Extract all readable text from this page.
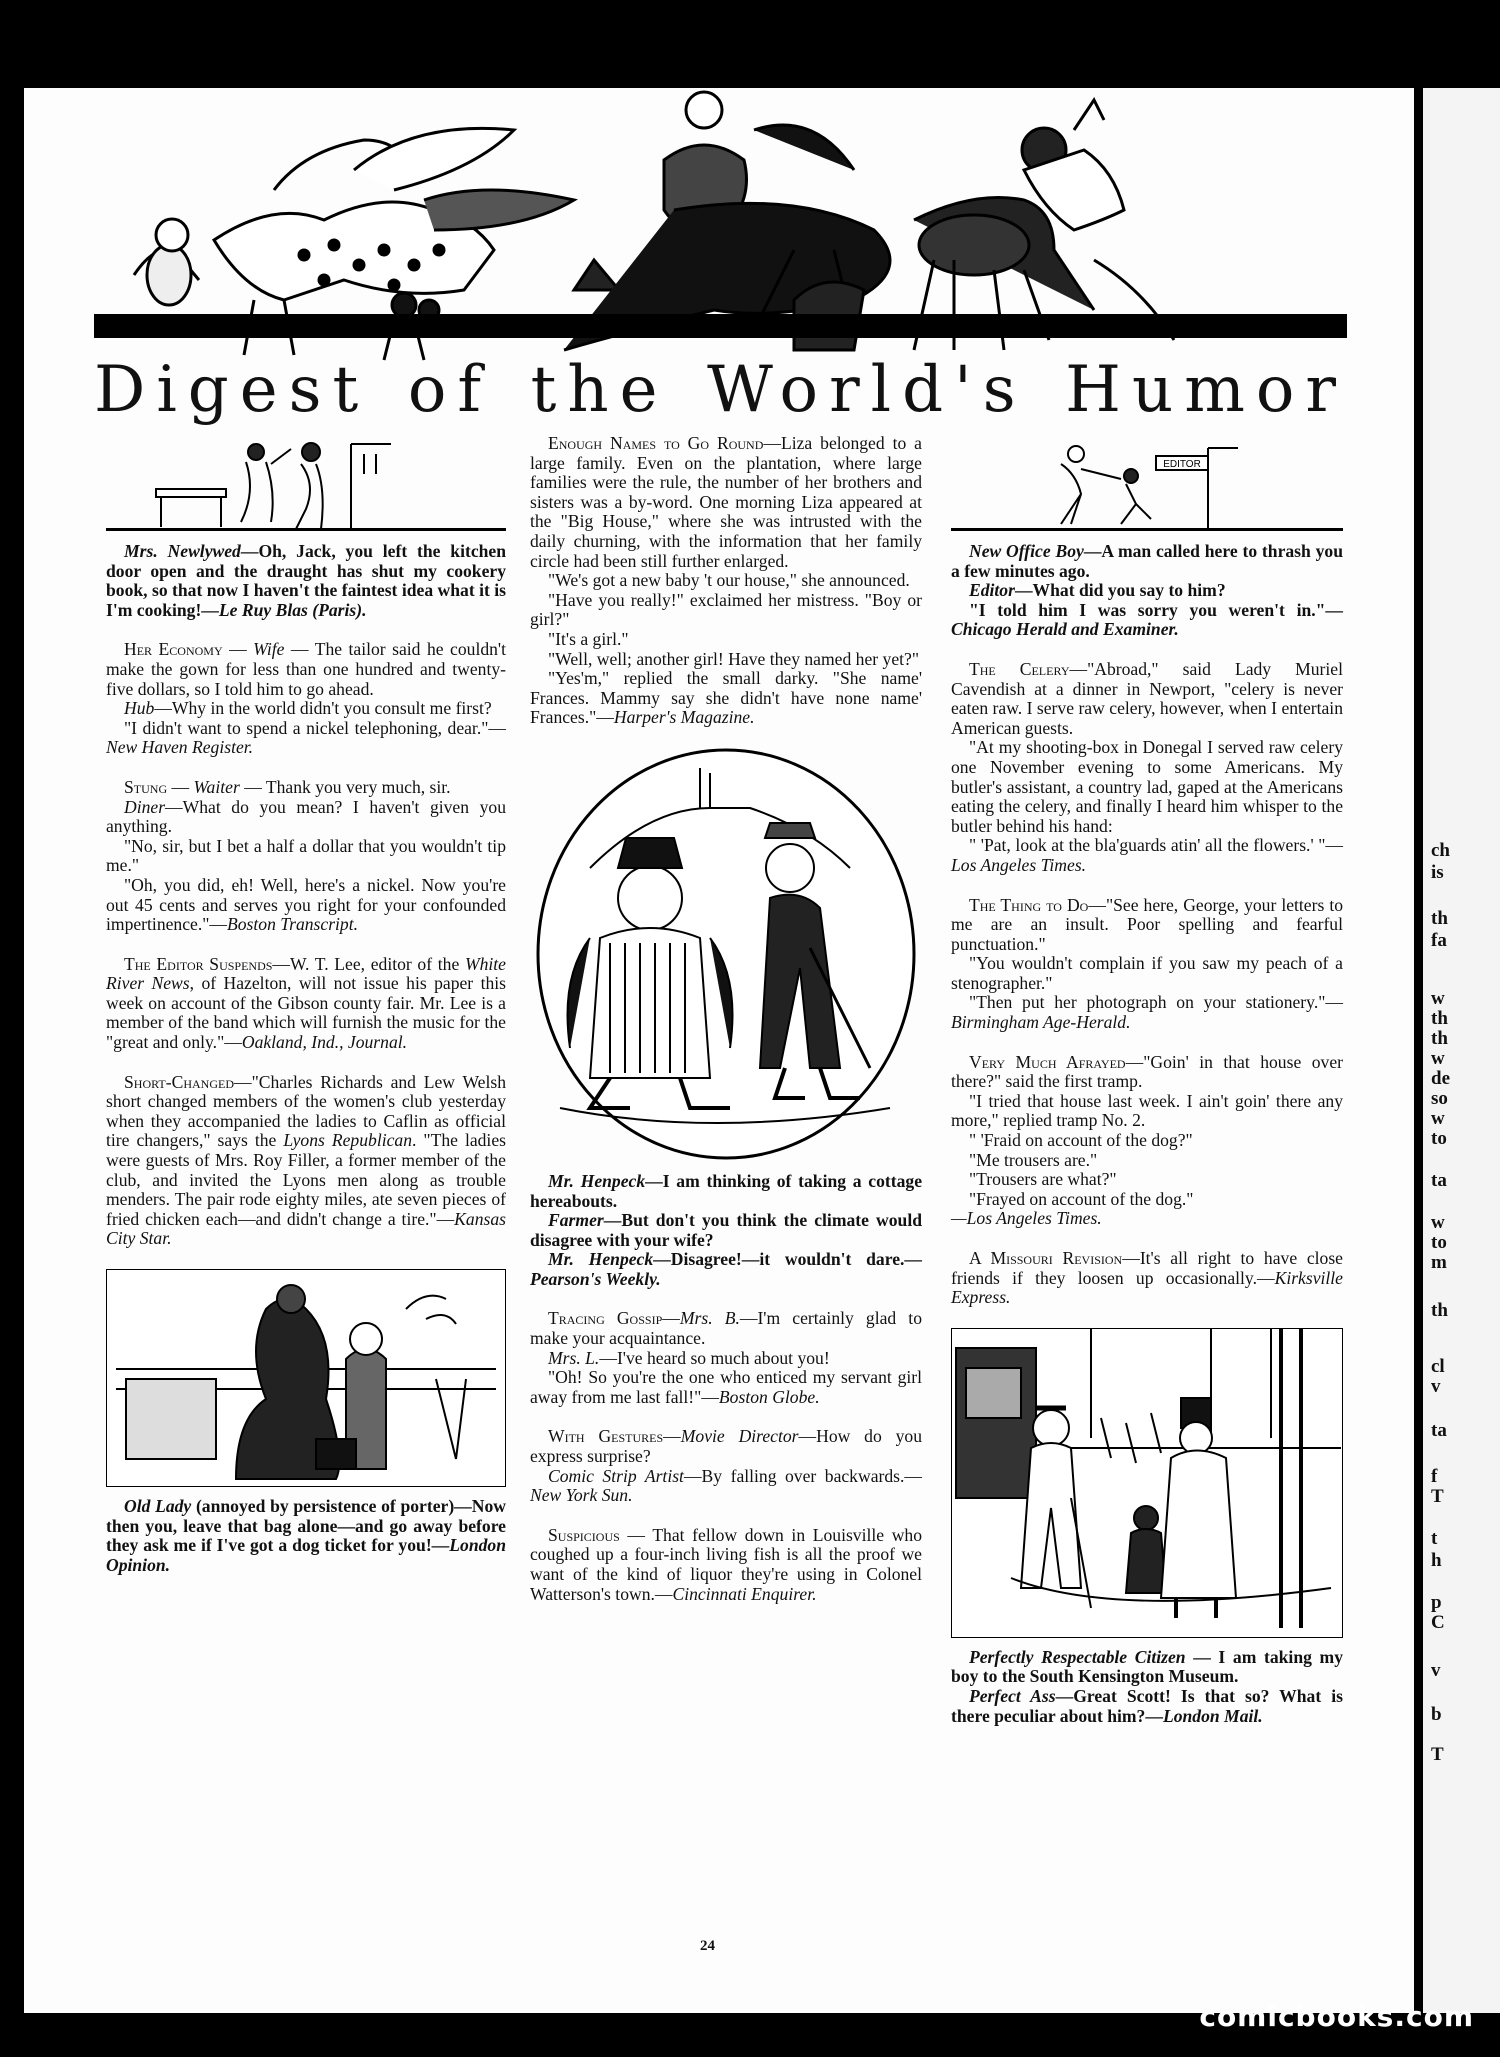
ch
is
th
fa
w
th
th
w
de
so
w
to
ta
w
to
m
th
cl
v
ta
f
T
t
h
p
C
v
b
T
Digest of the World's Humor

Mrs. Newlywed—Oh, Jack, you left the kitchen door open and the draught has shut my cookery book, so that now I haven't the faintest idea what it is I'm cooking!—Le Ruy Blas (Paris).

Her Economy — Wife — The tailor said he couldn't make the gown for less than one hundred and twenty-five dollars, so I told him to go ahead.

Hub—Why in the world didn't you consult me first?

"I didn't want to spend a nickel telephoning, dear."—New Haven Register.

Stung — Waiter — Thank you very much, sir.

Diner—What do you mean? I haven't given you anything.

"No, sir, but I bet a half a dollar that you wouldn't tip me."

"Oh, you did, eh! Well, here's a nickel. Now you're out 45 cents and serves you right for your confounded impertinence."—Boston Transcript.

The Editor Suspends—W. T. Lee, editor of the White River News, of Hazelton, will not issue his paper this week on account of the Gibson county fair. Mr. Lee is a member of the band which will furnish the music for the "great and only."—Oakland, Ind., Journal.

Short-Changed—"Charles Richards and Lew Welsh short changed members of the women's club yesterday when they accompanied the ladies to Caflin as official tire changers," says the Lyons Republican. "The ladies were guests of Mrs. Roy Filler, a former member of the club, and invited the Lyons men along as trouble menders. The pair rode eighty miles, ate seven pieces of fried chicken each—and didn't change a tire."—Kansas City Star.

Old Lady (annoyed by persistence of porter)—Now then you, leave that bag alone—and go away before they ask me if I've got a dog ticket for you!—London Opinion.

Enough Names to Go Round—Liza belonged to a large family. Even on the plantation, where large families were the rule, the number of her brothers and sisters was a by-word. One morning Liza appeared at the "Big House," where she was intrusted with the daily churning, with the information that her family circle had been still further enlarged.

"We's got a new baby 't our house," she announced.

"Have you really!" exclaimed her mistress. "Boy or girl?"

"It's a girl."

"Well, well; another girl! Have they named her yet?"

"Yes'm," replied the small darky. "She name' Frances. Mammy say she didn't have none name' Frances."—Harper's Magazine.

Mr. Henpeck—I am thinking of taking a cottage hereabouts.

Farmer—But don't you think the climate would disagree with your wife?

Mr. Henpeck—Disagree!—it wouldn't dare.—Pearson's Weekly.

Tracing Gossip—Mrs. B.—I'm certainly glad to make your acquaintance.

Mrs. L.—I've heard so much about you!

"Oh! So you're the one who enticed my servant girl away from me last fall!"—Boston Globe.

With Gestures—Movie Director—How do you express surprise?

Comic Strip Artist—By falling over backwards.—New York Sun.

Suspicious — That fellow down in Louisville who coughed up a four-inch living fish is all the proof we want of the kind of liquor they're using in Colonel Watterson's town.—Cincinnati Enquirer.

EDITOR

New Office Boy—A man called here to thrash you a few minutes ago.

Editor—What did you say to him?

"I told him I was sorry you weren't in."—Chicago Herald and Examiner.

The Celery—"Abroad," said Lady Muriel Cavendish at a dinner in Newport, "celery is never eaten raw. I serve raw celery, however, when I entertain American guests.

"At my shooting-box in Donegal I served raw celery one November evening to some Americans. My butler's assistant, a country lad, gaped at the Americans eating the celery, and finally I heard him whisper to the butler behind his hand:

" 'Pat, look at the bla'guards atin' all the flowers.' "—Los Angeles Times.

The Thing to Do—"See here, George, your letters to me are an insult. Poor spelling and fearful punctuation."

"You wouldn't complain if you saw my peach of a stenographer."

"Then put her photograph on your stationery."—Birmingham Age-Herald.

Very Much Afrayed—"Goin' in that house over there?" said the first tramp.

"I tried that house last week. I ain't goin' there any more," replied tramp No. 2.

" 'Fraid on account of the dog?"

"Me trousers are."

"Trousers are what?"

"Frayed on account of the dog."

—Los Angeles Times.

A Missouri Revision—It's all right to have close friends if they loosen up occasionally.—Kirksville Express.

Perfectly Respectable Citizen — I am taking my boy to the South Kensington Museum.

Perfect Ass—Great Scott! Is that so? What is there peculiar about him?—London Mail.

24
comicbooks.com
